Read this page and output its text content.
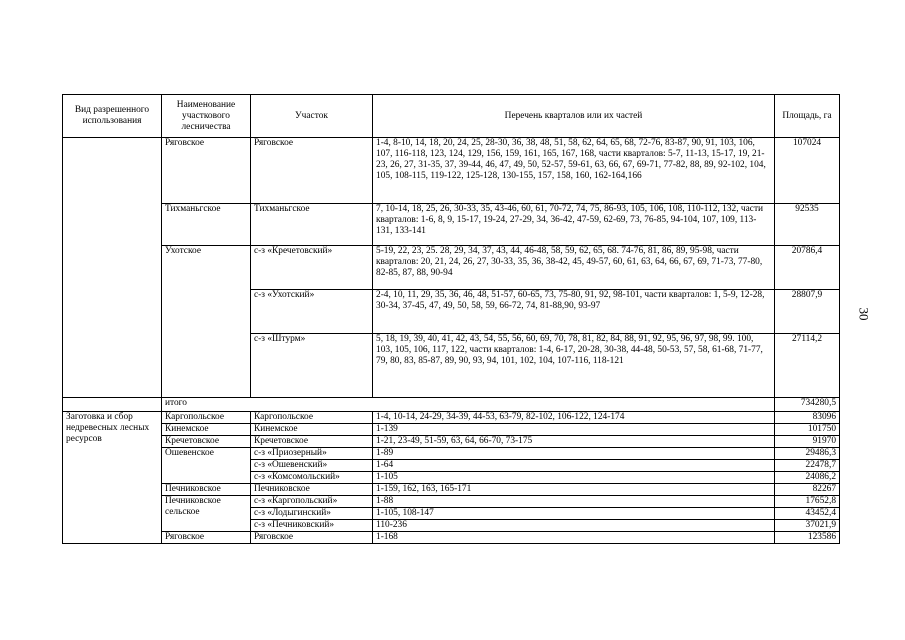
Вид разрешенного использования	Наименование участкового лесничества	Участок	Перечень кварталов или их частей	Площадь, га
	Ряговское	Ряговское	1-4, 8-10, 14, 18, 20, 24, 25, 28-30, 36, 38, 48, 51, 58, 62, 64, 65, 68, 72-76, 83-87, 90, 91, 103, 106, 107, 116-118, 123, 124, 129, 156, 159, 161, 165, 167, 168, части кварталов: 5-7, 11-13, 15-17, 19, 21-23, 26, 27, 31-35, 37, 39-44, 46, 47, 49, 50, 52-57, 59-61, 63, 66, 67, 69-71, 77-82, 88, 89, 92-102, 104, 105, 108-115, 119-122, 125-128, 130-155, 157, 158, 160, 162-164,166	107024
	Тихманьгское	Тихманьгское	7, 10-14, 18, 25, 26, 30-33, 35, 43-46, 60, 61, 70-72, 74, 75, 86-93, 105, 106, 108, 110-112, 132, части кварталов: 1-6, 8, 9, 15-17, 19-24, 27-29, 34, 36-42, 47-59, 62-69, 73, 76-85, 94-104, 107, 109, 113-131, 133-141	92535
	Ухотское	с-з «Кречетовский»	5-19, 22, 23, 25. 28, 29, 34, 37, 43, 44, 46-48, 58, 59, 62, 65, 68. 74-76, 81, 86, 89, 95-98, части кварталов: 20, 21, 24, 26, 27, 30-33, 35, 36, 38-42, 45, 49-57, 60, 61, 63, 64, 66, 67, 69, 71-73, 77-80, 82-85, 87, 88, 90-94	20786,4
		с-з «Ухотский»	2-4, 10, 11, 29, 35, 36, 46, 48, 51-57, 60-65, 73, 75-80, 91, 92, 98-101, части кварталов: 1, 5-9, 12-28, 30-34, 37-45, 47, 49, 50, 58, 59, 66-72, 74, 81-88,90, 93-97	28807,9
		с-з «Штурм»	5, 18, 19, 39, 40, 41, 42, 43, 54, 55, 56, 60, 69, 70, 78, 81, 82, 84, 88, 91, 92, 95, 96, 97, 98, 99. 100, 103, 105, 106, 117, 122, части кварталов: 1-4, 6-17, 20-28, 30-38, 44-48, 50-53, 57, 58, 61-68, 71-77, 79, 80, 83, 85-87, 89, 90, 93, 94, 101, 102, 104, 107-116, 118-121	27114,2
	итого			734280,5
Заготовка и сбор недревесных лесных ресурсов	Каргопольское	Каргопольское	1-4, 10-14, 24-29, 34-39, 44-53, 63-79, 82-102, 106-122, 124-174	83096
	Кинемское	Кинемское	1-139	101750
	Кречетовское	Кречетовское	1-21, 23-49, 51-59, 63, 64, 66-70, 73-175	91970
	Ошевенское	с-з «Приозерный»	1-89	29486,3
		с-з «Ошевенский»	1-64	22478,7
		с-з «Комсомольский»	1-105	24086,2
	Печниковское	Печниковское	1-159, 162, 163, 165-171	82267
	Печниковское сельское	с-з «Каргопольский»	1-88	17652,8
		с-з «Лодыгинский»	1-105, 108-147	43452,4
		с-з «Печниковский»	110-236	37021,9
	Ряговское	Ряговское	1-168	123586
30
